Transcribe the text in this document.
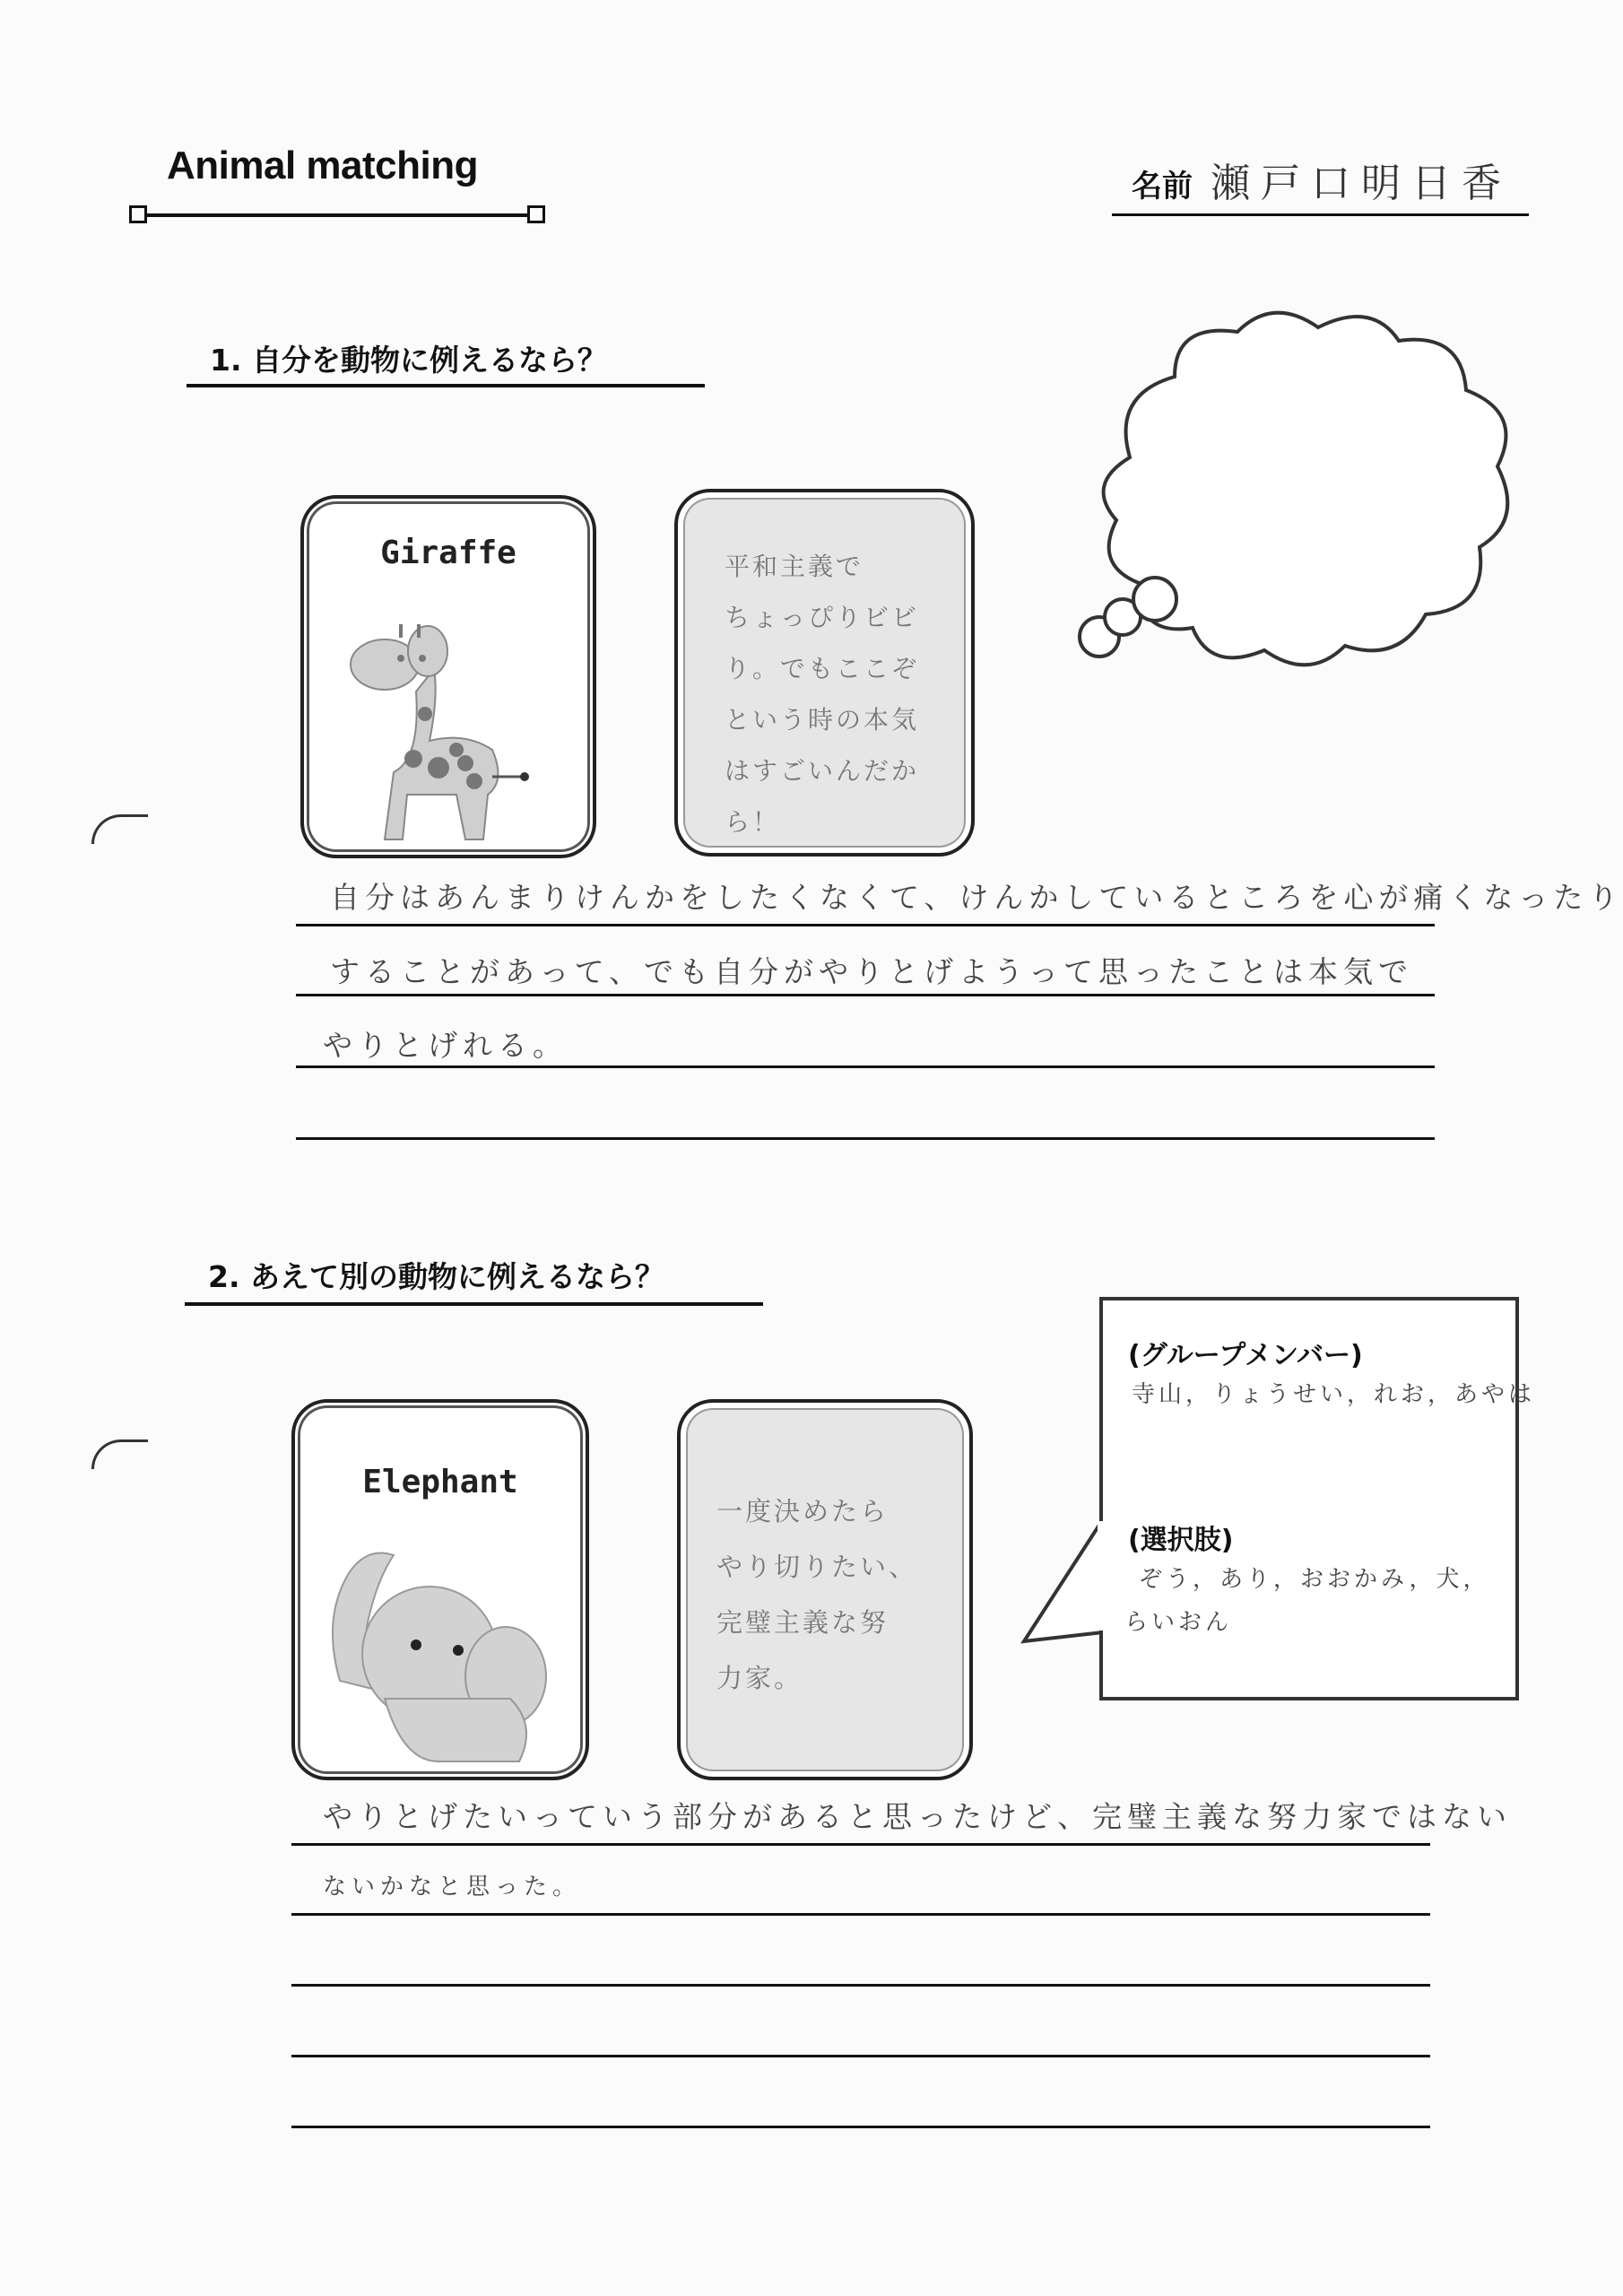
Animal matching	名前 瀬戸口明日香
1. 自分を動物に例えるなら？
Giraffe	平和主義で
ちょっぴりビビ
り。でもここぞ
という時の本気
はすごいんだか
ら！
自分はあんまりけんかをしたくなくて、けんかしているところを心が痛くなったり
することがあって、でも自分がやりとげようって思ったことは本気で
やりとげれる。
2. あえて別の動物に例えるなら？
Elephant
一度決めたら
やり切りたい、
完璧主義な努
力家。
(グループメンバー)
寺山，りょうせい，れお，あやは
(選択肢)
ぞう，あり，おおかみ，犬，
らいおん
やりとげたいっていう部分があると思ったけど、完璧主義な努力家ではない
ないかなと思った。
